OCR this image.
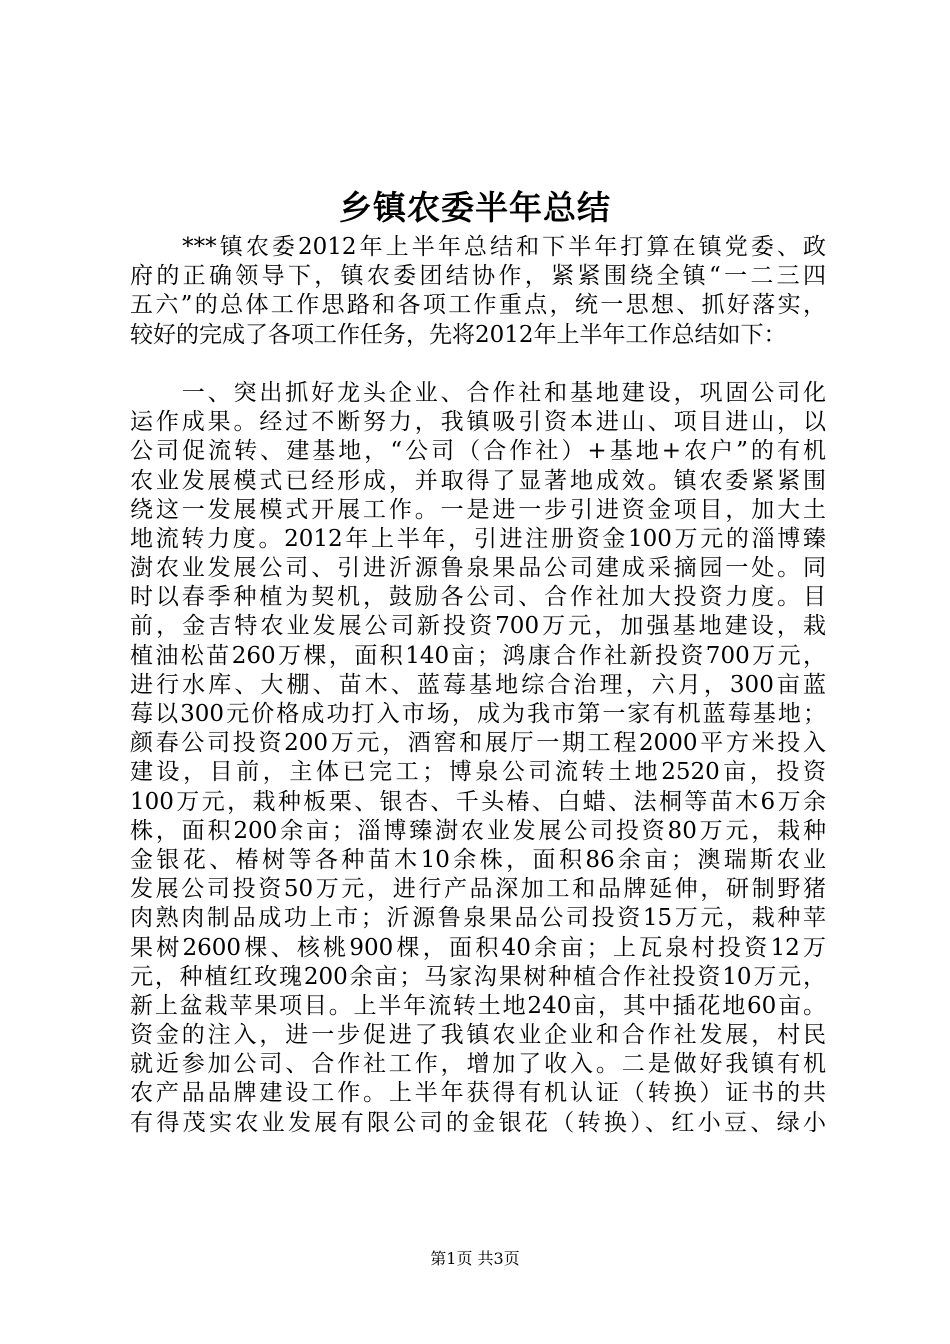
乡镇农委半年总结
　　***镇农委2012年上半年总结和下半年打算在镇党委、政
府的正确领导下，镇农委团结协作，紧紧围绕全镇“一二三四
五六”的总体工作思路和各项工作重点，统一思想、抓好落实，
较好的完成了各项工作任务，先将2012年上半年工作总结如下：
　　一、突出抓好龙头企业、合作社和基地建设，巩固公司化
运作成果。经过不断努力，我镇吸引资本进山、项目进山，以
公司促流转、建基地，“公司（合作社）+基地+农户”的有机
农业发展模式已经形成，并取得了显著地成效。镇农委紧紧围
绕这一发展模式开展工作。一是进一步引进资金项目，加大土
地流转力度。2012年上半年，引进注册资金100万元的淄博臻
澍农业发展公司、引进沂源鲁泉果品公司建成采摘园一处。同
时以春季种植为契机，鼓励各公司、合作社加大投资力度。目
前，金吉特农业发展公司新投资700万元，加强基地建设，栽
植油松苗260万棵，面积140亩；鸿康合作社新投资700万元，
进行水库、大棚、苗木、蓝莓基地综合治理，六月，300亩蓝
莓以300元价格成功打入市场，成为我市第一家有机蓝莓基地；
颜春公司投资200万元，酒窖和展厅一期工程2000平方米投入
建设，目前，主体已完工；博泉公司流转土地2520亩，投资
100万元，栽种板栗、银杏、千头椿、白蜡、法桐等苗木6万余
株，面积200余亩；淄博臻澍农业发展公司投资80万元，栽种
金银花、椿树等各种苗木10余株，面积86余亩；澳瑞斯农业
发展公司投资50万元，进行产品深加工和品牌延伸，研制野猪
肉熟肉制品成功上市；沂源鲁泉果品公司投资15万元，栽种苹
果树2600棵、核桃900棵，面积40余亩；上瓦泉村投资12万
元，种植红玫瑰200余亩；马家沟果树种植合作社投资10万元，
新上盆栽苹果项目。上半年流转土地240亩，其中插花地60亩。
资金的注入，进一步促进了我镇农业企业和合作社发展，村民
就近参加公司、合作社工作，增加了收入。二是做好我镇有机
农产品品牌建设工作。上半年获得有机认证（转换）证书的共
有得茂实农业发展有限公司的金银花（转换）、红小豆、绿小
第1页 共3页
